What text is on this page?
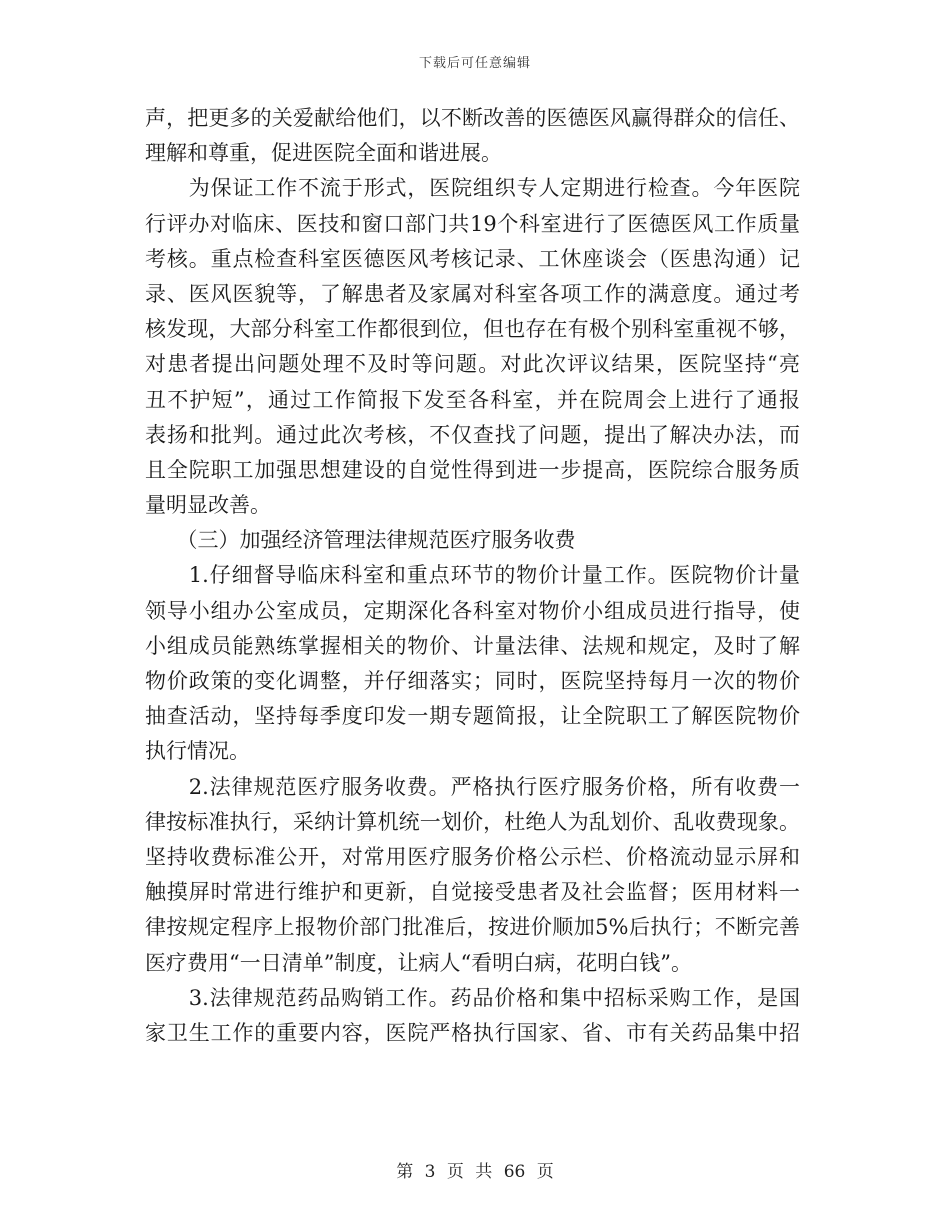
下载后可任意编辑
声，把更多的关爱献给他们，以不断改善的医德医风赢得群众的信任、
理解和尊重，促进医院全面和谐进展。
　　为保证工作不流于形式，医院组织专人定期进行检查。今年医院
行评办对临床、医技和窗口部门共19个科室进行了医德医风工作质量
考核。重点检查科室医德医风考核记录、工休座谈会（医患沟通）记
录、医风医貌等，了解患者及家属对科室各项工作的满意度。通过考
核发现，大部分科室工作都很到位，但也存在有极个别科室重视不够，
对患者提出问题处理不及时等问题。对此次评议结果，医院坚持“亮
丑不护短”，通过工作简报下发至各科室，并在院周会上进行了通报
表扬和批判。通过此次考核，不仅查找了问题，提出了解决办法，而
且全院职工加强思想建设的自觉性得到进一步提高，医院综合服务质
量明显改善。
　　（三）加强经济管理法律规范医疗服务收费
　　1.仔细督导临床科室和重点环节的物价计量工作。医院物价计量
领导小组办公室成员，定期深化各科室对物价小组成员进行指导，使
小组成员能熟练掌握相关的物价、计量法律、法规和规定，及时了解
物价政策的变化调整，并仔细落实；同时，医院坚持每月一次的物价
抽查活动，坚持每季度印发一期专题简报，让全院职工了解医院物价
执行情况。
　　2.法律规范医疗服务收费。严格执行医疗服务价格，所有收费一
律按标准执行，采纳计算机统一划价，杜绝人为乱划价、乱收费现象。
坚持收费标准公开，对常用医疗服务价格公示栏、价格流动显示屏和
触摸屏时常进行维护和更新，自觉接受患者及社会监督；医用材料一
律按规定程序上报物价部门批准后，按进价顺加5%后执行；不断完善
医疗费用“一日清单”制度，让病人“看明白病，花明白钱”。
　　3.法律规范药品购销工作。药品价格和集中招标采购工作，是国
家卫生工作的重要内容，医院严格执行国家、省、市有关药品集中招
第 3 页 共 66 页
